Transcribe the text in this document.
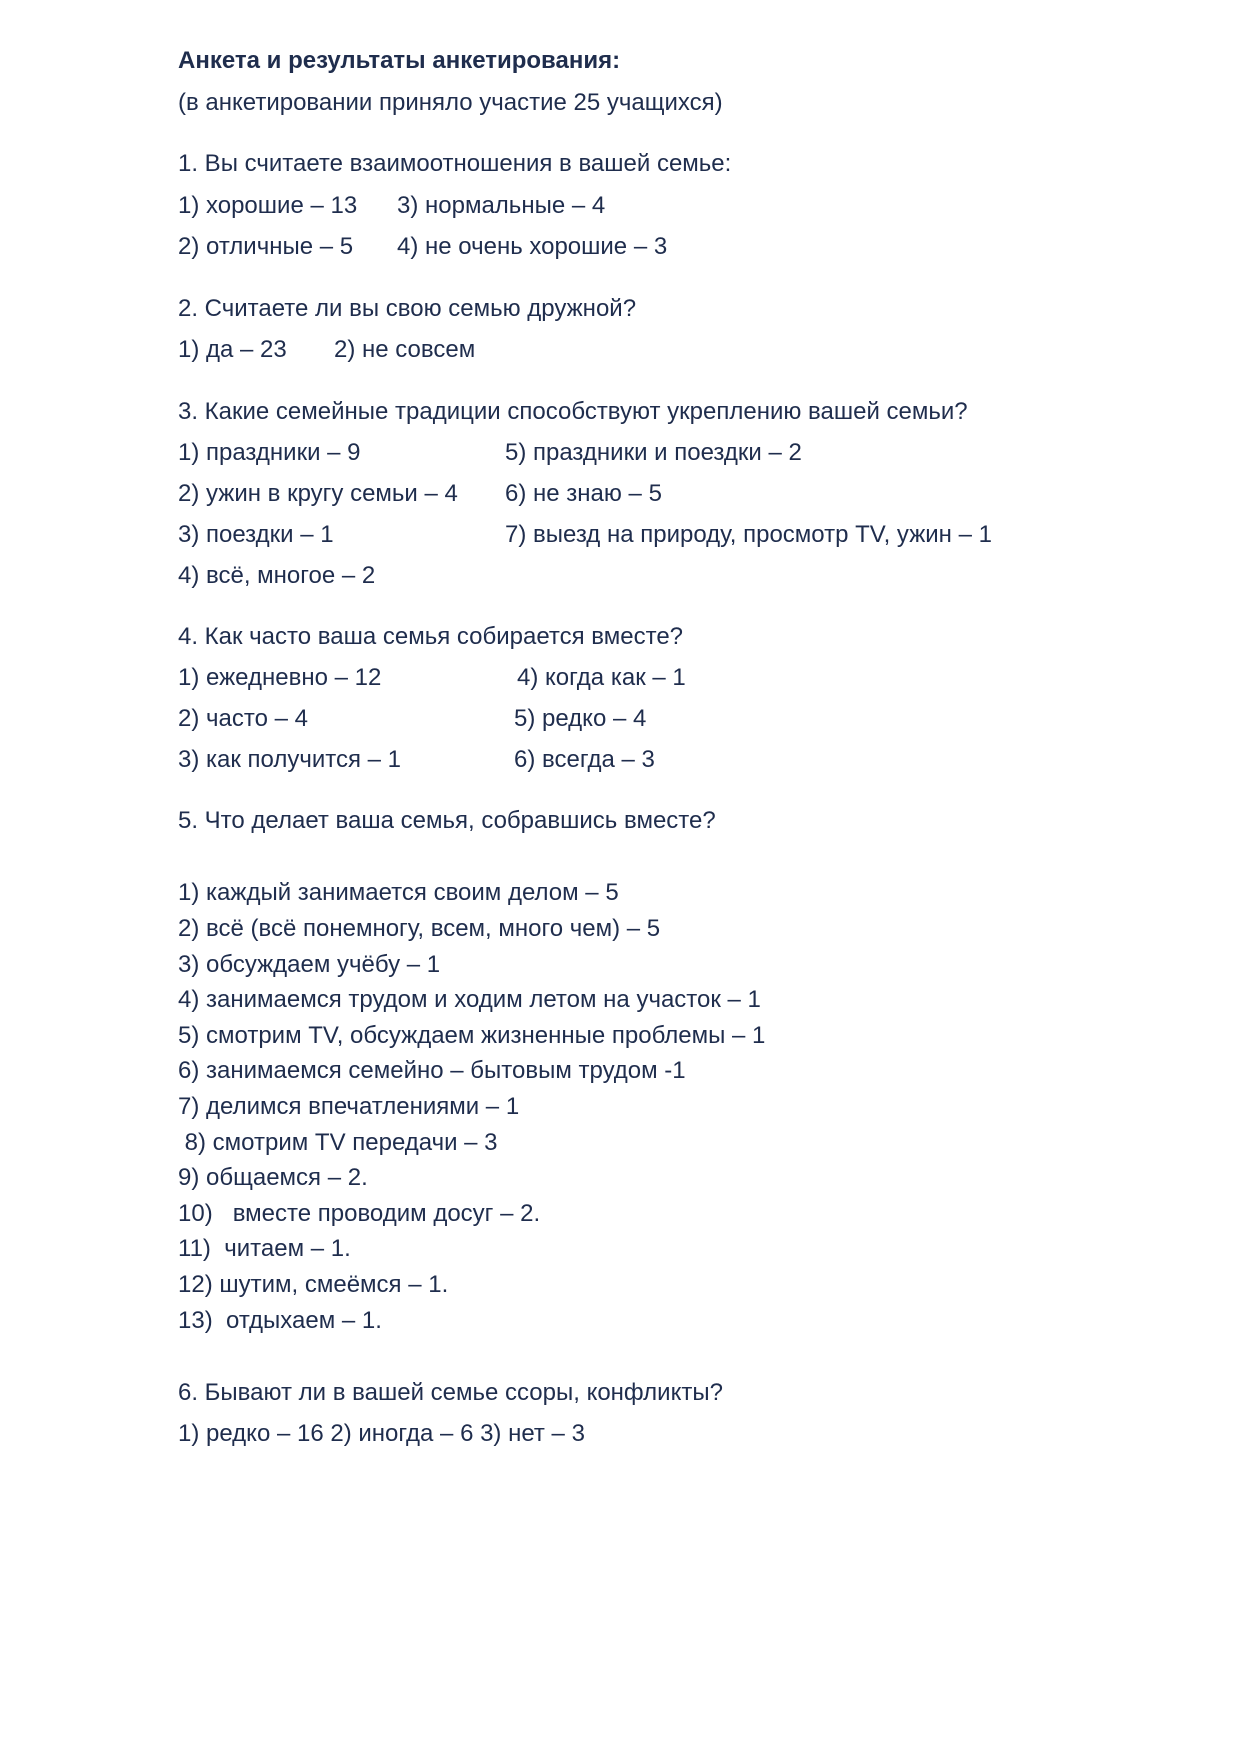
Анкета и результаты анкетирования:
(в анкетировании приняло участие 25 учащихся)
1. Вы считаете взаимоотношения в вашей семье:
1) хорошие – 13 3) нормальные – 4
2) отличные – 5 4) не очень хорошие – 3
2. Считаете ли вы свою семью дружной?
1) да – 23 2) не совсем
3. Какие семейные традиции способствуют укреплению вашей семьи?
1) праздники – 9	5) праздники и поездки – 2
2) ужин в кругу семьи – 4 6) не знаю – 5
3) поездки – 1	7) выезд на природу, просмотр TV, ужин – 1
4) всё, многое – 2
4. Как часто ваша семья собирается вместе?
1) ежедневно – 12	4) когда как – 1
2) часто – 4	5) редко – 4
3) как получится – 1	6) всегда – 3
5. Что делает ваша семья, собравшись вместе?
1) каждый занимается своим делом – 5
2) всё (всё понемногу, всем, много чем) – 5
3) обсуждаем учёбу – 1
4) занимаемся трудом и ходим летом на участок – 1
5) смотрим TV, обсуждаем жизненные проблемы – 1
6) занимаемся семейно – бытовым трудом -1
7) делимся впечатлениями – 1
8) смотрим TV передачи – 3
9) общаемся – 2.
10)   вместе проводим досуг – 2.
11)  читаем – 1.
12) шутим, смеёмся – 1.
13)  отдыхаем – 1.
6. Бывают ли в вашей семье ссоры, конфликты?
1) редко – 16 2) иногда – 6 3) нет – 3
